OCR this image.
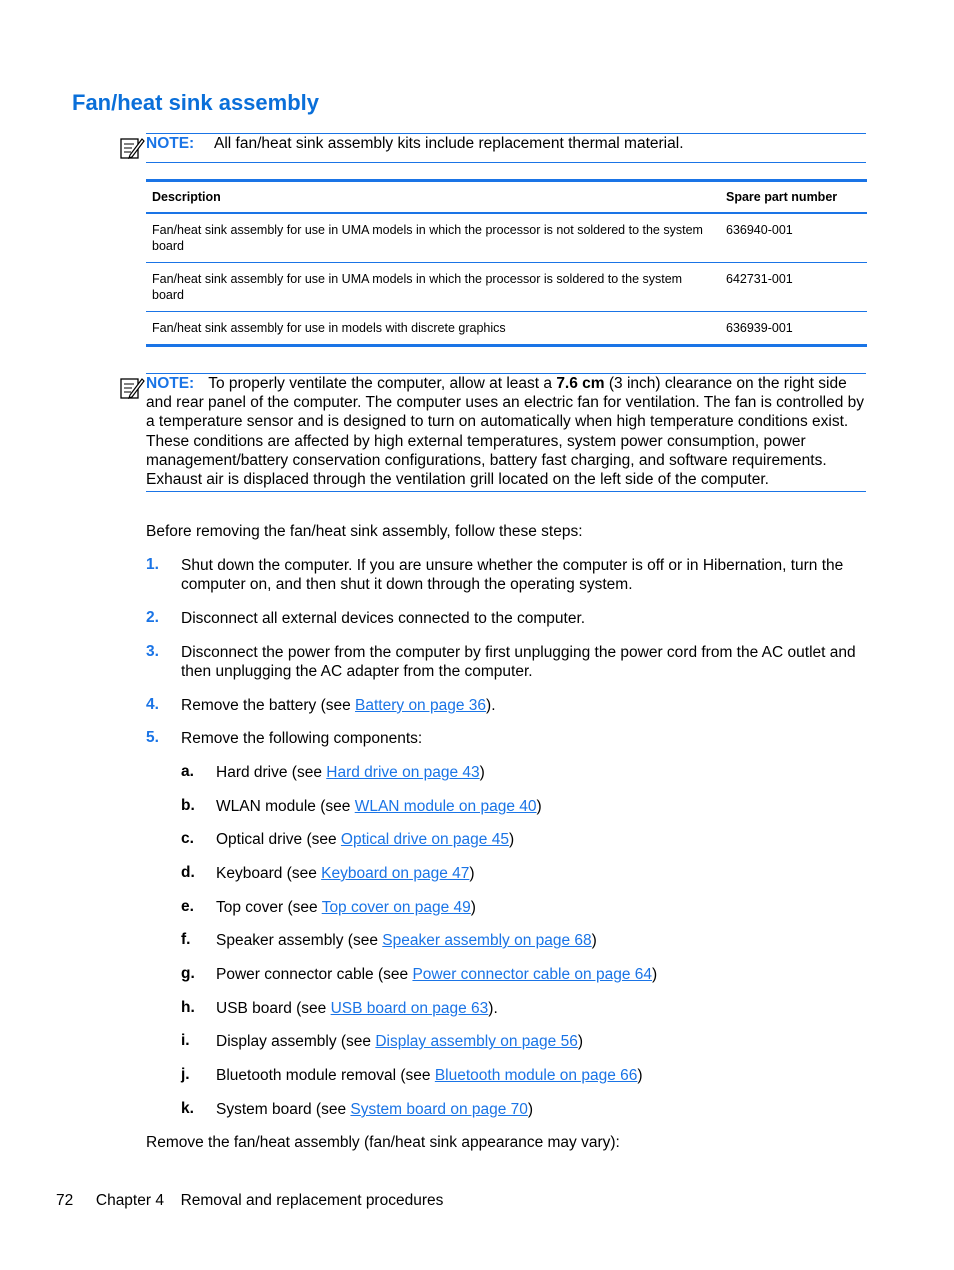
Fan/heat sink assembly
NOTE: All fan/heat sink assembly kits include replacement thermal material.
Description	Spare part number
Fan/heat sink assembly for use in UMA models in which the processor is not soldered to the system board	636940-001
Fan/heat sink assembly for use in UMA models in which the processor is soldered to the system board	642731-001
Fan/heat sink assembly for use in models with discrete graphics	636939-001
NOTE: To properly ventilate the computer, allow at least a 7.6 cm (3 inch) clearance on the right side and rear panel of the computer. The computer uses an electric fan for ventilation. The fan is controlled by a temperature sensor and is designed to turn on automatically when high temperature conditions exist. These conditions are affected by high external temperatures, system power consumption, power management/battery conservation configurations, battery fast charging, and software requirements. Exhaust air is displaced through the ventilation grill located on the left side of the computer.
Before removing the fan/heat sink assembly, follow these steps:
1. Shut down the computer. If you are unsure whether the computer is off or in Hibernation, turn the computer on, and then shut it down through the operating system.
2. Disconnect all external devices connected to the computer.
3. Disconnect the power from the computer by first unplugging the power cord from the AC outlet and then unplugging the AC adapter from the computer.
4. Remove the battery (see Battery on page 36).
5. Remove the following components:
a. Hard drive (see Hard drive on page 43)
b. WLAN module (see WLAN module on page 40)
c. Optical drive (see Optical drive on page 45)
d. Keyboard (see Keyboard on page 47)
e. Top cover (see Top cover on page 49)
f. Speaker assembly (see Speaker assembly on page 68)
g. Power connector cable (see Power connector cable on page 64)
h. USB board (see USB board on page 63).
i. Display assembly (see Display assembly on page 56)
j. Bluetooth module removal (see Bluetooth module on page 66)
k. System board (see System board on page 70)
Remove the fan/heat assembly (fan/heat sink appearance may vary):
72 Chapter 4 Removal and replacement procedures
